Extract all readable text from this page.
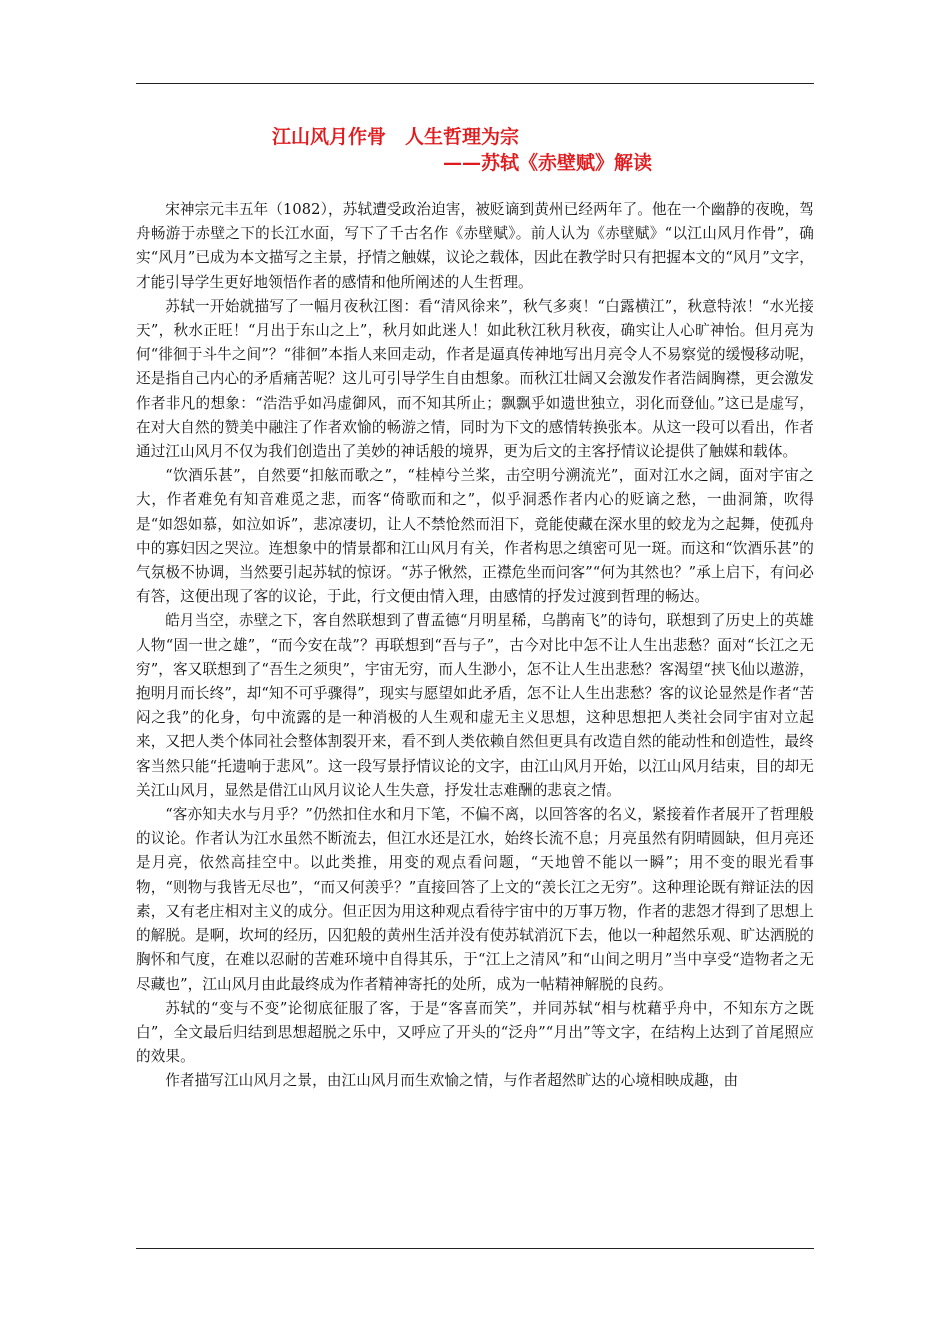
江山风月作骨　人生哲理为宗
——苏轼《赤壁赋》解读

宋神宗元丰五年（1082），苏轼遭受政治迫害，被贬谪到黄州已经两年了。他在一个幽静的夜晚，驾舟畅游于赤壁之下的长江水面，写下了千古名作《赤壁赋》。前人认为《赤壁赋》“以江山风月作骨”，确实“风月”已成为本文描写之主景，抒情之触媒，议论之载体，因此在教学时只有把握本文的“风月”文字，才能引导学生更好地领悟作者的感情和他所阐述的人生哲理。

苏轼一开始就描写了一幅月夜秋江图：看“清风徐来”，秋气多爽！“白露横江”，秋意特浓！“水光接天”，秋水正旺！“月出于东山之上”，秋月如此迷人！如此秋江秋月秋夜，确实让人心旷神怡。但月亮为何“徘徊于斗牛之间”？“徘徊”本指人来回走动，作者是逼真传神地写出月亮令人不易察觉的缓慢移动呢，还是指自己内心的矛盾痛苦呢？这儿可引导学生自由想象。而秋江壮阔又会激发作者浩阔胸襟，更会激发作者非凡的想象：“浩浩乎如冯虚御风，而不知其所止；飘飘乎如遗世独立，羽化而登仙。”这已是虚写，在对大自然的赞美中融注了作者欢愉的畅游之情，同时为下文的感情转换张本。从这一段可以看出，作者通过江山风月不仅为我们创造出了美妙的神话般的境界，更为后文的主客抒情议论提供了触媒和载体。

“饮酒乐甚”，自然要“扣舷而歌之”，“桂棹兮兰桨，击空明兮溯流光”，面对江水之阔，面对宇宙之大，作者难免有知音难觅之悲，而客“倚歌而和之”，似乎洞悉作者内心的贬谪之愁，一曲洞箫，吹得是“如怨如慕，如泣如诉”，悲凉凄切，让人不禁怆然而泪下，竟能使藏在深水里的蛟龙为之起舞，使孤舟中的寡妇因之哭泣。连想象中的情景都和江山风月有关，作者构思之缜密可见一斑。而这和“饮酒乐甚”的气氛极不协调，当然要引起苏轼的惊讶。“苏子愀然，正襟危坐而问客”“何为其然也？”承上启下，有问必有答，这便出现了客的议论，于此，行文便由情入理，由感情的抒发过渡到哲理的畅达。

皓月当空，赤壁之下，客自然联想到了曹孟德“月明星稀，乌鹊南飞”的诗句，联想到了历史上的英雄人物“固一世之雄”，“而今安在哉”？再联想到“吾与子”，古今对比中怎不让人生出悲愁？面对“长江之无穷”，客又联想到了“吾生之须臾”，宇宙无穷，而人生渺小，怎不让人生出悲愁？客渴望“挟飞仙以遨游，抱明月而长终”，却“知不可乎骤得”，现实与愿望如此矛盾，怎不让人生出悲愁？客的议论显然是作者“苦闷之我”的化身，句中流露的是一种消极的人生观和虚无主义思想，这种思想把人类社会同宇宙对立起来，又把人类个体同社会整体割裂开来，看不到人类依赖自然但更具有改造自然的能动性和创造性，最终客当然只能“托遗响于悲风”。这一段写景抒情议论的文字，由江山风月开始，以江山风月结束，目的却无关江山风月，显然是借江山风月议论人生失意，抒发壮志难酬的悲哀之情。

“客亦知夫水与月乎？”仍然扣住水和月下笔，不偏不离，以回答客的名义，紧接着作者展开了哲理般的议论。作者认为江水虽然不断流去，但江水还是江水，始终长流不息；月亮虽然有阴晴圆缺，但月亮还是月亮，依然高挂空中。以此类推，用变的观点看问题，“天地曾不能以一瞬”；用不变的眼光看事物，“则物与我皆无尽也”，“而又何羡乎？”直接回答了上文的“羡长江之无穷”。这种理论既有辩证法的因素，又有老庄相对主义的成分。但正因为用这种观点看待宇宙中的万事万物，作者的悲怨才得到了思想上的解脱。是啊，坎坷的经历，囚犯般的黄州生活并没有使苏轼消沉下去，他以一种超然乐观、旷达洒脱的胸怀和气度，在难以忍耐的苦难环境中自得其乐，于“江上之清风”和“山间之明月”当中享受“造物者之无尽藏也”，江山风月由此最终成为作者精神寄托的处所，成为一帖精神解脱的良药。

苏轼的“变与不变”论彻底征服了客，于是“客喜而笑”，并同苏轼“相与枕藉乎舟中，不知东方之既白”，全文最后归结到思想超脱之乐中，又呼应了开头的“泛舟”“月出”等文字，在结构上达到了首尾照应的效果。

作者描写江山风月之景，由江山风月而生欢愉之情，与作者超然旷达的心境相映成趣，由
